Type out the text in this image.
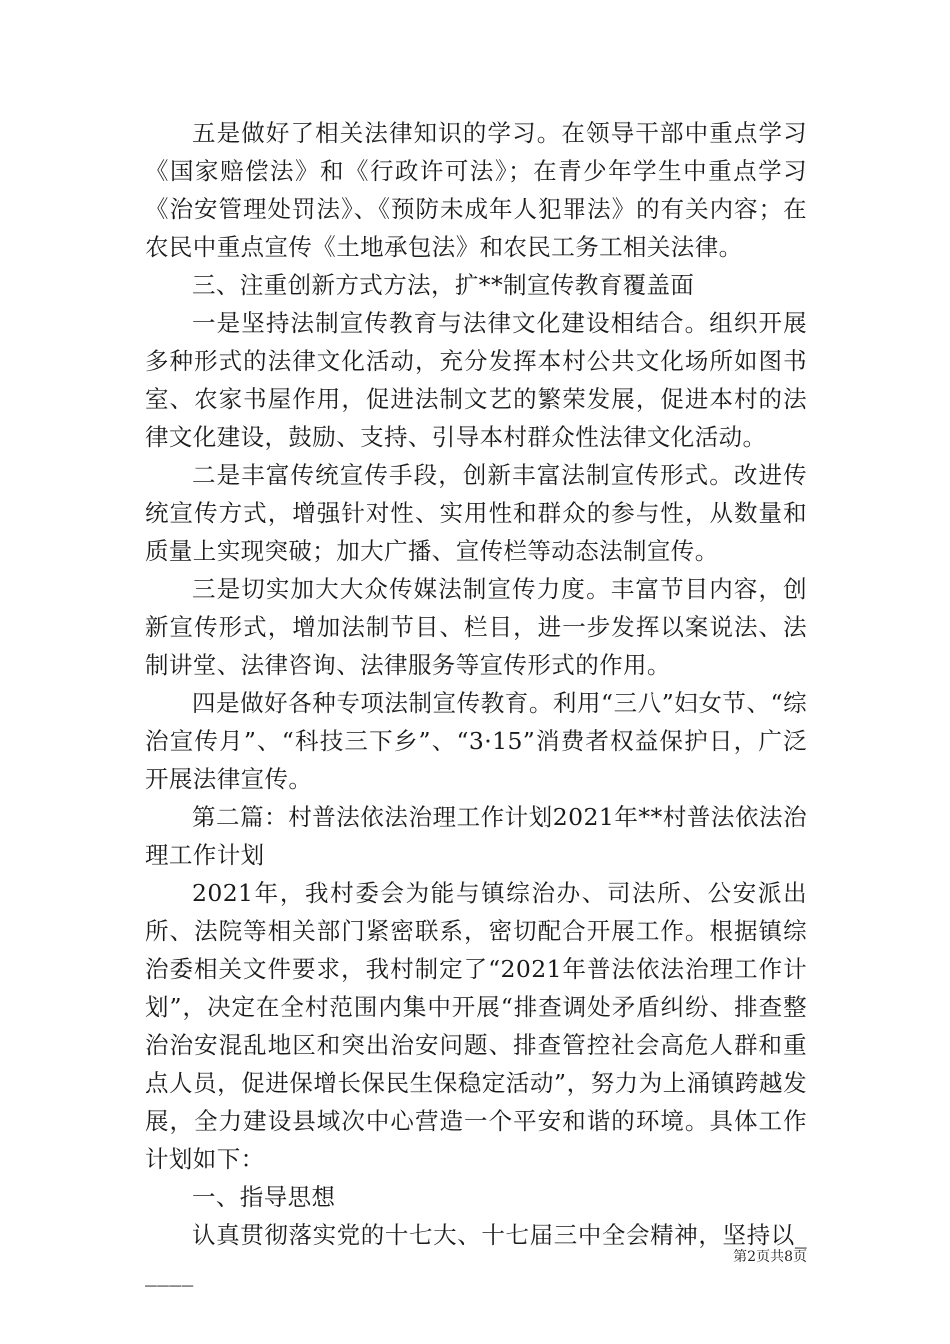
五是做好了相关法律知识的学习。在领导干部中重点学习《国家赔偿法》和《行政许可法》；在青少年学生中重点学习《治安管理处罚法》、《预防未成年人犯罪法》的有关内容；在农民中重点宣传《土地承包法》和农民工务工相关法律。

三、注重创新方式方法，扩**制宣传教育覆盖面

一是坚持法制宣传教育与法律文化建设相结合。组织开展多种形式的法律文化活动，充分发挥本村公共文化场所如图书室、农家书屋作用，促进法制文艺的繁荣发展，促进本村的法律文化建设，鼓励、支持、引导本村群众性法律文化活动。

二是丰富传统宣传手段，创新丰富法制宣传形式。改进传统宣传方式，增强针对性、实用性和群众的参与性，从数量和质量上实现突破；加大广播、宣传栏等动态法制宣传。

三是切实加大大众传媒法制宣传力度。丰富节目内容，创新宣传形式，增加法制节目、栏目，进一步发挥以案说法、法制讲堂、法律咨询、法律服务等宣传形式的作用。

四是做好各种专项法制宣传教育。利用“三八”妇女节、“综治宣传月”、“科技三下乡”、“3·15”消费者权益保护日，广泛开展法律宣传。

第二篇：村普法依法治理工作计划2021年**村普法依法治理工作计划

2021年，我村委会为能与镇综治办、司法所、公安派出所、法院等相关部门紧密联系，密切配合开展工作。根据镇综治委相关文件要求，我村制定了“2021年普法依法治理工作计划”，决定在全村范围内集中开展“排查调处矛盾纠纷、排查整治治安混乱地区和突出治安问题、排查管控社会高危人群和重点人员，促进保增长保民生保稳定活动”，努力为上涌镇跨越发展，全力建设县域次中心营造一个平安和谐的环境。具体工作计划如下：

一、指导思想

认真贯彻落实党的十七大、十七届三中全会精神，坚持以_____

第2页共8页
